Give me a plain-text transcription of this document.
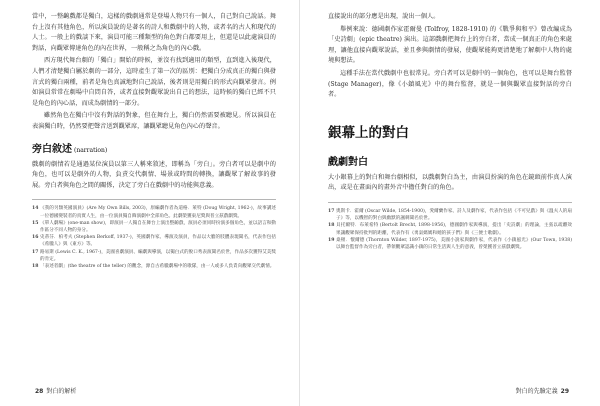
當中，一整齣戲都是獨白，這樣的戲劇通常是登場人物只有一個人，自己對自己說話。舞台上沒有其他角色，所以演員說的是著名的詩人和戲劇中的人物，或者名的古人和現代的人士。一般上的戲談下來，演員可能三種類型的角色對白都要用上，但還是以此處演員的對話，向觀眾傳達角色的內在世界，一般稱之為角色的內心戲。

西方現代舞台劇的「獨白」開始的時候，並沒有找到適用的類型，直到進入後現代，人們才清楚獨白屬於劇的一部分，這時產生了第一次的區別：把獨白分成真正的獨白與發言式的獨白兩種，前者是角色真誠地對自己說話，後者則是用獨白的形式向觀眾發言。例如演員常常在劇場中自問自答，或者直接對觀眾說出自己的想法，這時候的獨白已經不只是角色的內心話，而成為劇情的一部分。

雖然角色在獨白中沒有對話的對象，但在舞台上，獨白仍然需要被聽見。所以演員在表演獨白時，仍然要把聲音送到觀眾席，讓觀眾聽見角色內心的聲音。

旁白敘述 (narration)

戲劇的劇情若是通過某位演員以第三人稱來敘述，即稱為「旁白」。旁白者可以是劇中的角色，也可以是劇外的人物，負責交代劇情、場景或時間的轉換，讓觀眾了解故事的發展。旁白者與角色之間的關係，決定了旁白在戲劇中的功能與意義。

14 《我的另類英國演員》(Are My Own Bills, 2003)，原編劇作者為道格．萊特 (Doug Wright, 1962-)，故事講述一位德國變裝者的真實人生，由一位演員獨自飾演劇中全部角色。此劇榮獲東尼獎與普立茲戲劇獎。
15 《單人劇場》(one-man show)，即演員一人獨自在舞台上演出整齣戲，演員必須同時扮演多個角色，並以語言和動作區分不同人物的身分。
16 史蒂芬．柏考夫 (Stephen Berkoff, 1937-)，英國劇作家、導演及演員，作品以大膽的肢體表現聞名，代表作包括《希臘人》與《東方》等。
17 路易斯 (Lewis C. K., 1967-)，美國喜劇演員、編劇與導演，以獨白式的脫口秀表演聞名於世，作品多次獲得艾美獎的肯定。
18 「表述者劇」(the theatre of the teller) 的觀念，源自古希臘劇場中的歌隊，由一人或多人負責向觀眾交代劇情。
28 對白的解析

直接說出的部分應是出現，說出一個人。

舉例來說：德國劇作家霍爾曼 (Tolfroy, 1828-1910) 的《戰爭與和平》曾改編成為「史詩劇」(epic theatre) 演出。這部戲劇把舞台上的旁白者，當成一個真正的角色來處理，讓他直接向觀眾說話，並且參與劇情的發展，使觀眾能夠更清楚地了解劇中人物的處境與想法。

這種手法在當代戲劇中也很常見。旁白者可以是劇中的一個角色，也可以是舞台監督 (Stage Manager)，像《小鎮風光》中的舞台監督，就是一個與觀眾直接對話的旁白者。

銀幕上的對白
戲劇對白

大小銀幕上的對白和舞台劇相似，以戲劇對白為主，由演員扮演的角色在鏡頭前作真人演出，或是在畫面內的畫外音中擔任對白的角色。

17 奧斯卡．霍爾 (Oscar Wilde, 1854-1900)，愛爾蘭作家、詩人及劇作家，代表作包括《不可兒戲》與《溫夫人的扇子》等，以機智的對白與幽默的諷刺聞名於世。
18 貝托爾特．布萊希特 (Bertolt Brecht, 1898-1956)，德國劇作家與導演，提出「史詩劇」的理論，主張以疏離效果讓觀眾保持批判的距離，代表作有《勇氣媽媽和她的孩子們》與《三便士歌劇》。
19 桑頓．懷爾德 (Thornton Wilder, 1897-1975)，美國小說家與劇作家，代表作《小鎮風光》(Our Town, 1938) 以舞台監督作為旁白者，帶領觀眾認識小鎮的日常生活與人生的意義，曾榮獲普立茲戲劇獎。
對白的先驗定義 29
